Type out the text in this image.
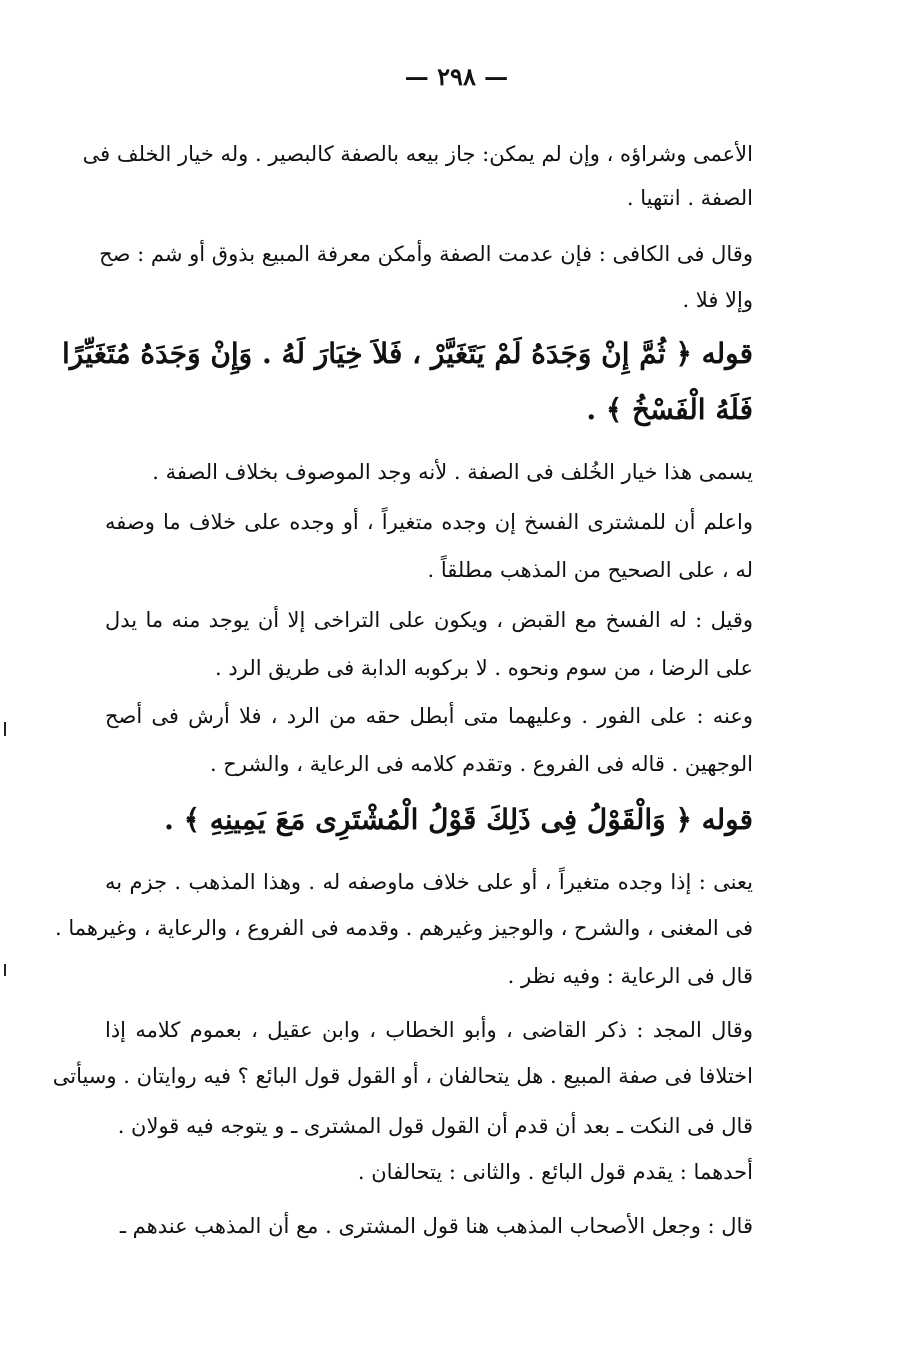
— ٢٩٨ —
الأعمى وشراؤه ، وإن لم يمكن: جاز بيعه بالصفة كالبصير . وله خيار الخلف فى
الصفة . انتهيا .
وقال فى الكافى : فإن عدمت الصفة وأمكن معرفة المبيع بذوق أو شم : صح
وإلا فلا .
قوله ﴿ ثُمَّ إِنْ وَجَدَهُ لَمْ يَتَغَيَّرْ ، فَلاَ خِيَارَ لَهُ . وَإِنْ وَجَدَهُ مُتَغَيِّرًا
فَلَهُ الْفَسْخُ ﴾ .
يسمى هذا خيار الخُلف فى الصفة . لأنه وجد الموصوف بخلاف الصفة .
واعلم أن للمشترى الفسخ إن وجده متغيراً ، أو وجده على خلاف ما وصفه
له ، على الصحيح من المذهب مطلقاً .
وقيل : له الفسخ مع القبض ، ويكون على التراخى إلا أن يوجد منه ما يدل
على الرضا ، من سوم ونحوه . لا بركوبه الدابة فى طريق الرد .
وعنه : على الفور . وعليهما متى أبطل حقه من الرد ، فلا أرش فى أصح
الوجهين . قاله فى الفروع . وتقدم كلامه فى الرعاية ، والشرح .
قوله ﴿ وَالْقَوْلُ فِى ذَلِكَ قَوْلُ الْمُشْتَرِى مَعَ يَمِينِهِ ﴾ .
يعنى : إذا وجده متغيراً ، أو على خلاف ماوصفه له . وهذا المذهب . جزم به
فى المغنى ، والشرح ، والوجيز وغيرهم . وقدمه فى الفروع ، والرعاية ، وغيرهما .
قال فى الرعاية : وفيه نظر .
وقال المجد : ذكر القاضى ، وأبو الخطاب ، وابن عقيل ، بعموم كلامه إذا
اختلافا فى صفة المبيع . هل يتحالفان ، أو القول قول البائع ؟ فيه روايتان . وسيأتى
قال فى النكت ـ بعد أن قدم أن القول قول المشترى ـ و يتوجه فيه قولان .
أحدهما : يقدم قول البائع . والثانى : يتحالفان .
قال : وجعل الأصحاب المذهب هنا قول المشترى . مع أن المذهب عندهم ـ
